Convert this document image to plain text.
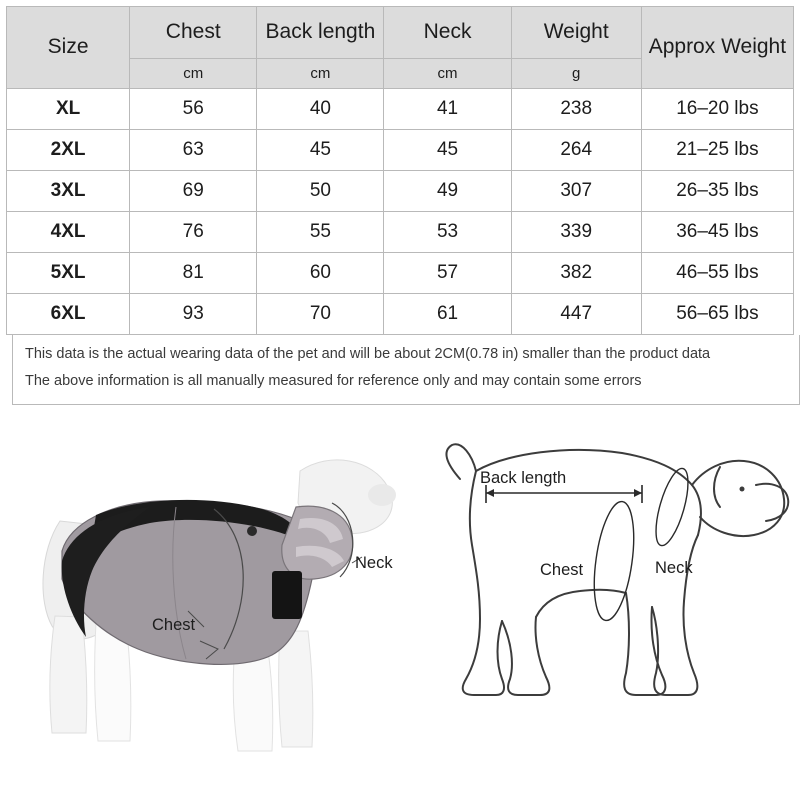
Size	Chest	Back length	Neck	Weight	Approx Weight
	cm	cm	cm	g	
XL	56	40	41	238	16–20 lbs
2XL	63	45	45	264	21–25 lbs
3XL	69	50	49	307	26–35 lbs
4XL	76	55	53	339	36–45 lbs
5XL	81	60	57	382	46–55 lbs
6XL	93	70	61	447	56–65 lbs

This data is the actual wearing data of the pet and will be about 2CM(0.78 in) smaller than the product data

The above information is all manually measured for reference only and may contain some errors

Chest
Neck
Back length
Chest	Neck
